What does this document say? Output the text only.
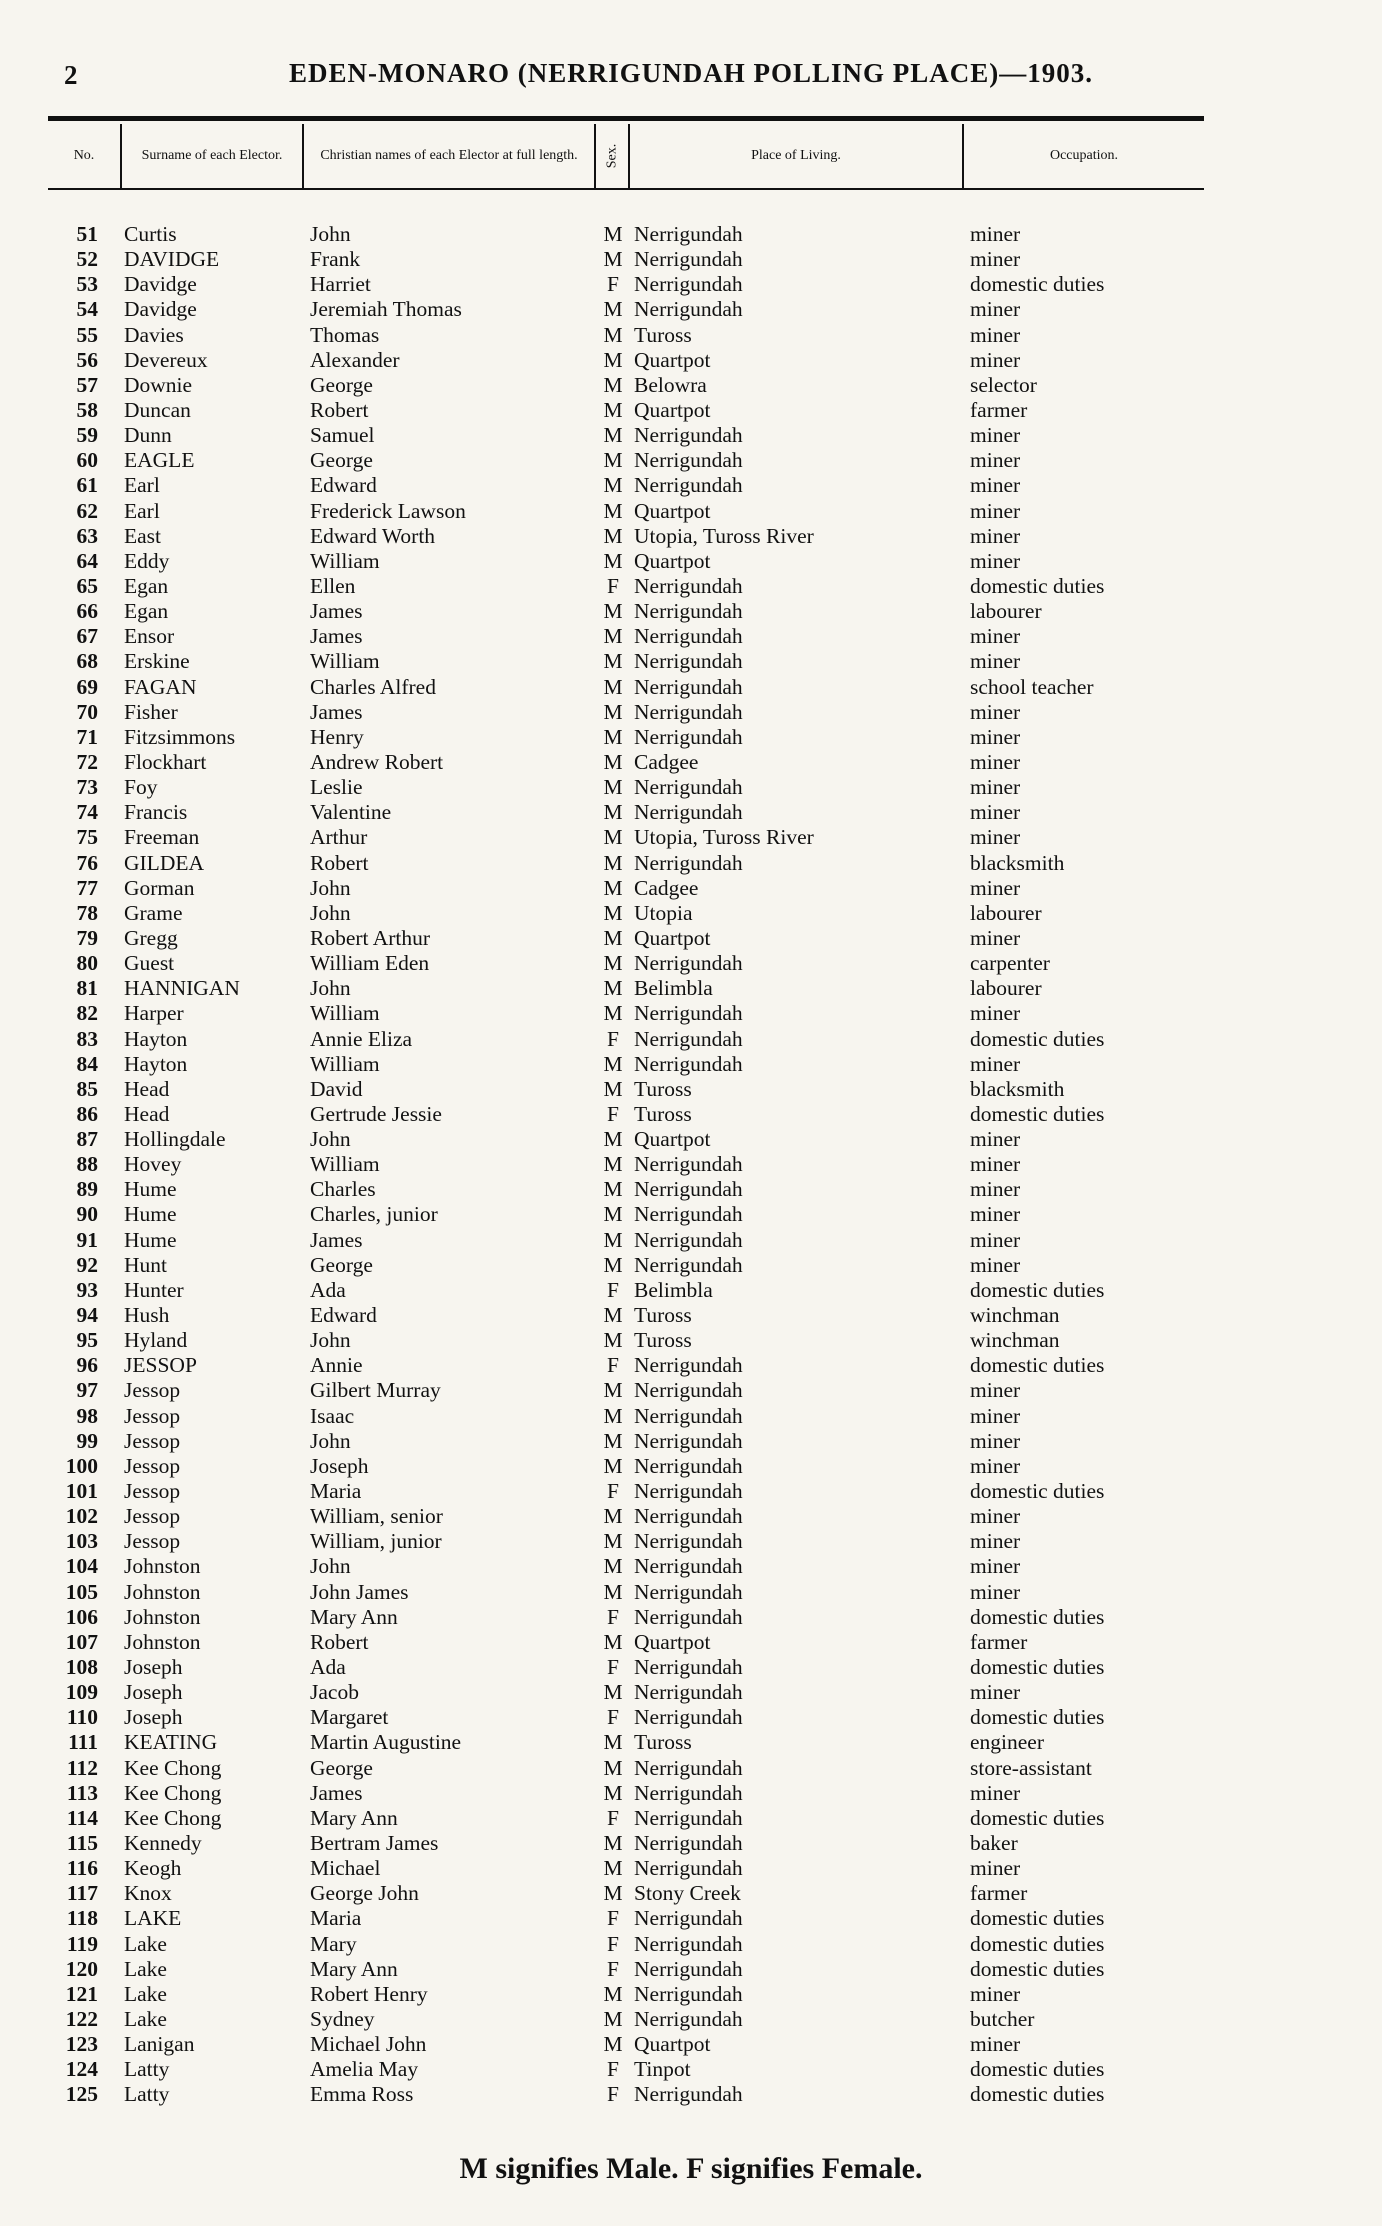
2	EDEN-MONARO (NERRIGUNDAH POLLING PLACE)—1903.
No.	Surname of each Elector.	Christian names of each Elector at full length.	Sex.	Place of Living.	Occupation.
51 Curtis	John	M Nerrigundah	miner
52 DAVIDGE	Frank	M Nerrigundah	miner
53 Davidge	Harriet	F Nerrigundah	domestic duties
54 Davidge	Jeremiah Thomas	M Nerrigundah	miner
55 Davies	Thomas	M Tuross	miner
56 Devereux	Alexander	M Quartpot	miner
57 Downie	George	M Belowra	selector
58 Duncan	Robert	M Quartpot	farmer
59 Dunn	Samuel	M Nerrigundah	miner
60 EAGLE	George	M Nerrigundah	miner
61 Earl	Edward	M Nerrigundah	miner
62 Earl	Frederick Lawson	M Quartpot	miner
63 East	Edward Worth	M Utopia, Tuross River	miner
64 Eddy	William	M Quartpot	miner
65 Egan	Ellen	F Nerrigundah	domestic duties
66 Egan	James	M Nerrigundah	labourer
67 Ensor	James	M Nerrigundah	miner
68 Erskine	William	M Nerrigundah	miner
69 FAGAN	Charles Alfred	M Nerrigundah	school teacher
70 Fisher	James	M Nerrigundah	miner
71 Fitzsimmons	Henry	M Nerrigundah	miner
72 Flockhart	Andrew Robert	M Cadgee	miner
73 Foy	Leslie	M Nerrigundah	miner
74 Francis	Valentine	M Nerrigundah	miner
75 Freeman	Arthur	M Utopia, Tuross River	miner
76 GILDEA	Robert	M Nerrigundah	blacksmith
77 Gorman	John	M Cadgee	miner
78 Grame	John	M Utopia	labourer
79 Gregg	Robert Arthur	M Quartpot	miner
80 Guest	William Eden	M Nerrigundah	carpenter
81 HANNIGAN	John	M Belimbla	labourer
82 Harper	William	M Nerrigundah	miner
83 Hayton	Annie Eliza	F Nerrigundah	domestic duties
84 Hayton	William	M Nerrigundah	miner
85 Head	David	M Tuross	blacksmith
86 Head	Gertrude Jessie	F Tuross	domestic duties
87 Hollingdale	John	M Quartpot	miner
88 Hovey	William	M Nerrigundah	miner
89 Hume	Charles	M Nerrigundah	miner
90 Hume	Charles, junior	M Nerrigundah	miner
91 Hume	James	M Nerrigundah	miner
92 Hunt	George	M Nerrigundah	miner
93 Hunter	Ada	F Belimbla	domestic duties
94 Hush	Edward	M Tuross	winchman
95 Hyland	John	M Tuross	winchman
96 JESSOP	Annie	F Nerrigundah	domestic duties
97 Jessop	Gilbert Murray	M Nerrigundah	miner
98 Jessop	Isaac	M Nerrigundah	miner
99 Jessop	John	M Nerrigundah	miner
100 Jessop	Joseph	M Nerrigundah	miner
101 Jessop	Maria	F Nerrigundah	domestic duties
102 Jessop	William, senior	M Nerrigundah	miner
103 Jessop	William, junior	M Nerrigundah	miner
104 Johnston	John	M Nerrigundah	miner
105 Johnston	John James	M Nerrigundah	miner
106 Johnston	Mary Ann	F Nerrigundah	domestic duties
107 Johnston	Robert	M Quartpot	farmer
108 Joseph	Ada	F Nerrigundah	domestic duties
109 Joseph	Jacob	M Nerrigundah	miner
110 Joseph	Margaret	F Nerrigundah	domestic duties
111 KEATING	Martin Augustine	M Tuross	engineer
112 Kee Chong	George	M Nerrigundah	store-assistant
113 Kee Chong	James	M Nerrigundah	miner
114 Kee Chong	Mary Ann	F Nerrigundah	domestic duties
115 Kennedy	Bertram James	M Nerrigundah	baker
116 Keogh	Michael	M Nerrigundah	miner
117 Knox	George John	M Stony Creek	farmer
118 LAKE	Maria	F Nerrigundah	domestic duties
119 Lake	Mary	F Nerrigundah	domestic duties
120 Lake	Mary Ann	F Nerrigundah	domestic duties
121 Lake	Robert Henry	M Nerrigundah	miner
122 Lake	Sydney	M Nerrigundah	butcher
123 Lanigan	Michael John	M Quartpot	miner
124 Latty	Amelia May	F Tinpot	domestic duties
125 Latty	Emma Ross	F Nerrigundah	domestic duties
M signifies Male. F signifies Female.
